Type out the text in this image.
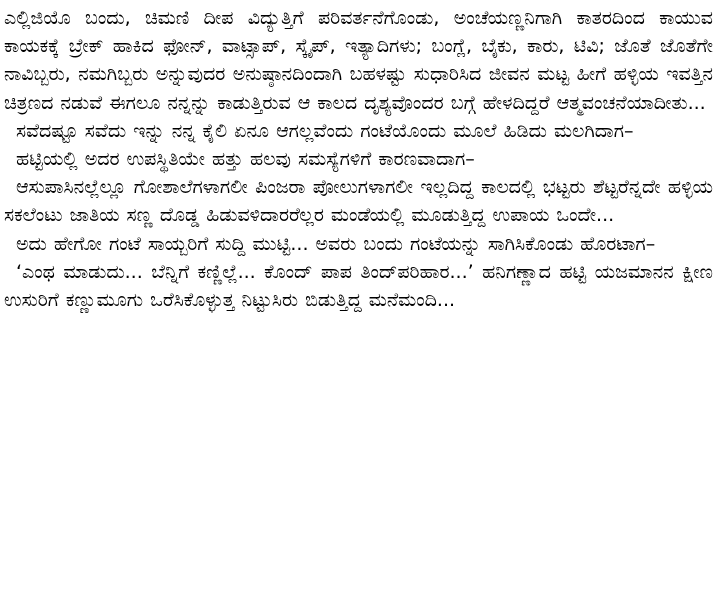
ಎಲ್ಲಿಜಿಯೊ ಬಂದು, ಚಿಮಣಿ ದೀಪ ವಿದ್ಯುತ್ತಿಗೆ ಪರಿವರ್ತನೆಗೊಂಡು, ಅಂಚೆಯಣ್ಣನಿಗಾಗಿ ಕಾತರದಿಂದ ಕಾಯುವ ಕಾಯಕಕ್ಕೆ ಬ್ರೇಕ್ ಹಾಕಿದ ಫೋನ್, ವಾಟ್ಸಾಪ್, ಸ್ಕೈಪ್, ಇತ್ಯಾದಿಗಳು; ಬಂಗ್ಲೆ, ಬೈಕು, ಕಾರು, ಟಿವಿ; ಜೊತೆ ಜೊತೆಗೇ ನಾವಿಬ್ಬರು, ನಮಗಿಬ್ಬರು ಅನ್ನುವುದರ ಅನುಷ್ಠಾನದಿಂದಾಗಿ ಬಹಳಷ್ಟು ಸುಧಾರಿಸಿದ ಜೀವನ ಮಟ್ಟ ಹೀಗೆ ಹಳ್ಳಿಯ ಇವತ್ತಿನ ಚಿತ್ರಣದ ನಡುವೆ ಈಗಲೂ ನನ್ನನ್ನು ಕಾಡುತ್ತಿರುವ ಆ ಕಾಲದ ದೃಶ್ಯವೊಂದರ ಬಗ್ಗೆ ಹೇಳದಿದ್ದರೆ ಆತ್ಮವಂಚನೆಯಾದೀತು...

ಸವೆದಷ್ಟೂ ಸವೆದು ಇನ್ನು ನನ್ನ ಕೈಲಿ ಏನೂ ಆಗಲ್ಲವೆಂದು ಗಂಟೆಯೊಂದು ಮೂಲೆ ಹಿಡಿದು ಮಲಗಿದಾಗ–

ಹಟ್ಟಿಯಲ್ಲಿ ಅದರ ಉಪಸ್ಥಿತಿಯೇ ಹತ್ತು ಹಲವು ಸಮಸ್ಯೆಗಳಿಗೆ ಕಾರಣವಾದಾಗ–

ಆಸುಪಾಸಿನಲ್ಲೆಲ್ಲೂ ಗೋಶಾಲೆಗಳಾಗಲೀ ಪಿಂಜರಾ ಪೋಲುಗಳಾಗಲೀ ಇಲ್ಲದಿದ್ದ ಕಾಲದಲ್ಲಿ ಭಟ್ಟರು ಶೆಟ್ಟರೆನ್ನದೇ ಹಳ್ಳಿಯ ಸಕಲೆಂಟು ಜಾತಿಯ ಸಣ್ಣ ದೊಡ್ಡ ಹಿಡುವಳಿದಾರರೆಲ್ಲರ ಮಂಡೆಯಲ್ಲಿ ಮೂಡುತ್ತಿದ್ದ ಉಪಾಯ ಒಂದೇ...

ಅದು ಹೇಗೋ ಗಂಟೆ ಸಾಯ್ಬರಿಗೆ ಸುದ್ದಿ ಮುಟ್ಟಿ... ಅವರು ಬಂದು ಗಂಟೆಯನ್ನು ಸಾಗಿಸಿಕೊಂಡು ಹೊರಟಾಗ–

‘ಎಂಥ ಮಾಡುದು... ಬೆನ್ನಿಗೆ ಕಣ್ಣಿಲ್ಲೆ... ಕೊಂದ್ ಪಾಪ ತಿಂದ್‌ಪರಿಹಾರ...’ ಹನಿಗಣ್ಣಾದ ಹಟ್ಟಿ ಯಜಮಾನನ ಕ್ಷೀಣ ಉಸುರಿಗೆ ಕಣ್ಣುಮೂಗು ಒರೆಸಿಕೊಳ್ಳುತ್ತ ನಿಟ್ಟುಸಿರು ಬಿಡುತ್ತಿದ್ದ ಮನೆಮಂದಿ...
